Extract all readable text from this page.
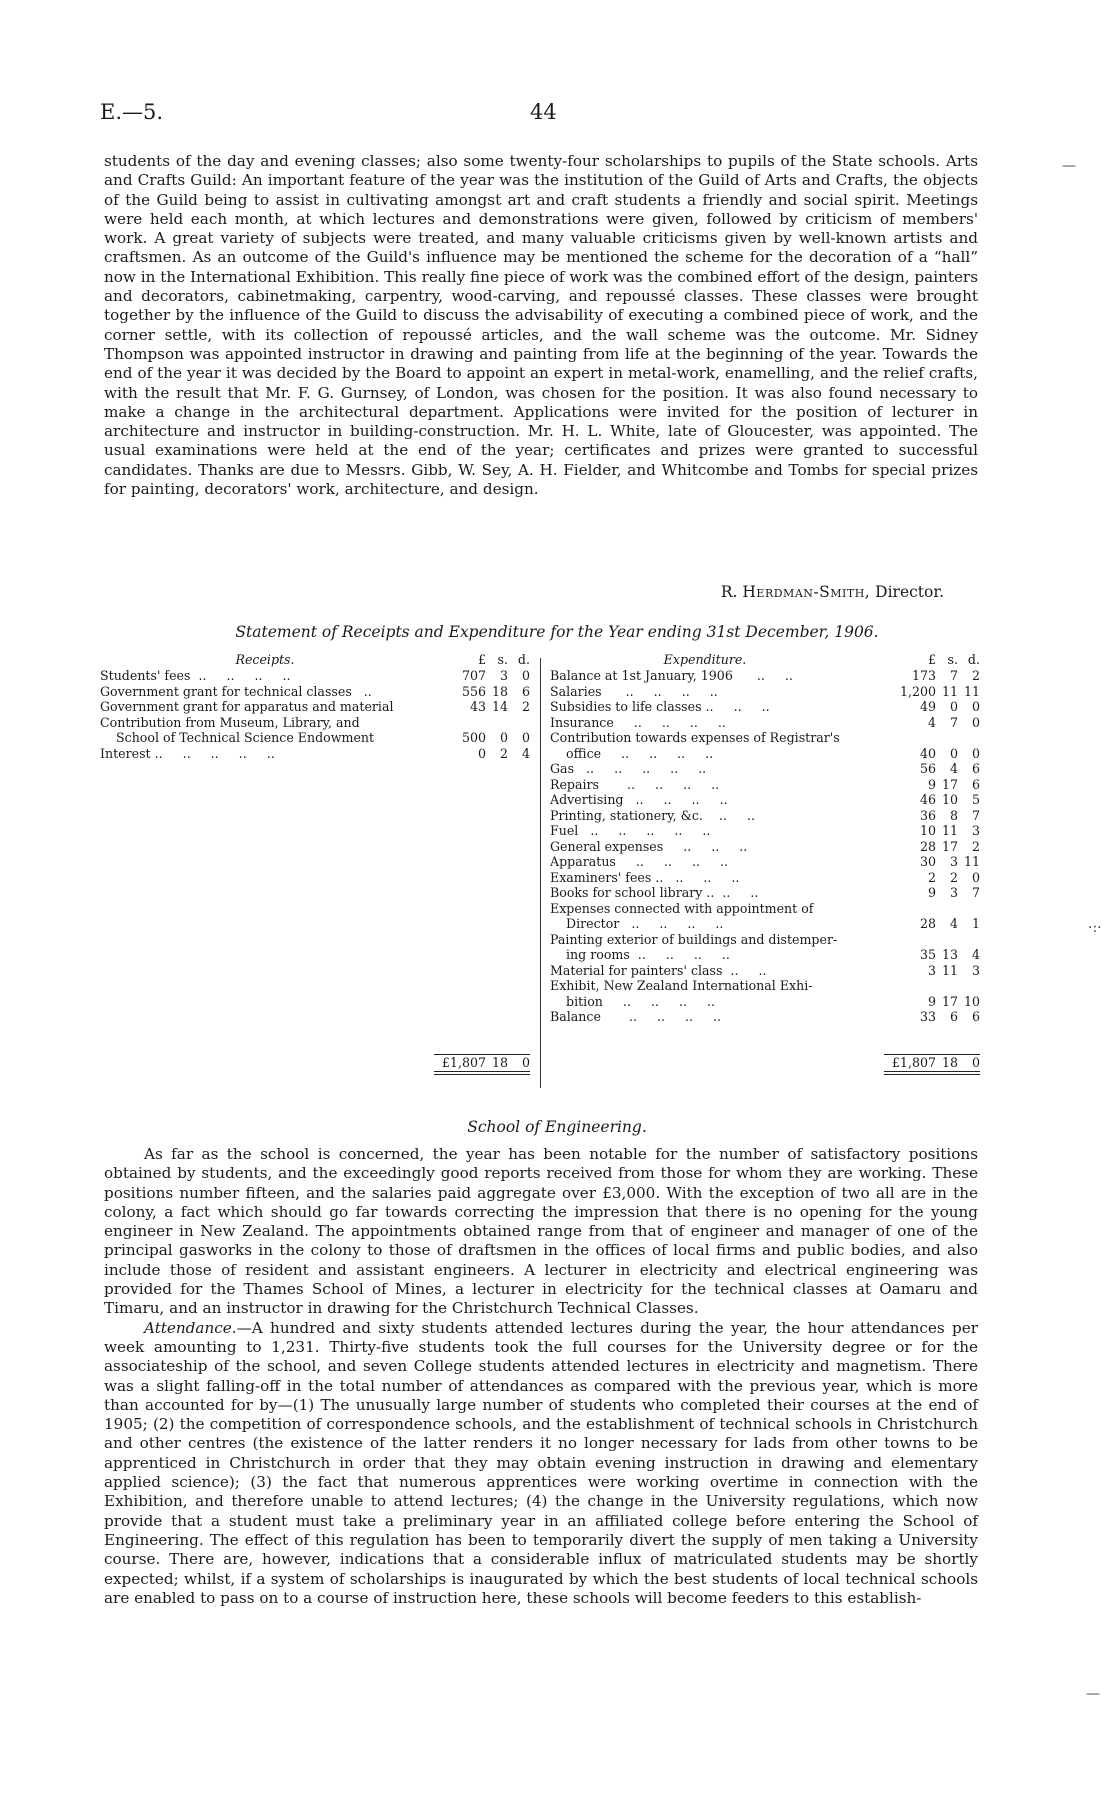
E.—5.	44

students of the day and evening classes; also some twenty-four scholarships to pupils of the State schools. Arts and Crafts Guild: An important feature of the year was the institution of the Guild of Arts and Crafts, the objects of the Guild being to assist in cultivating amongst art and craft students a friendly and social spirit. Meetings were held each month, at which lectures and demonstrations were given, followed by criticism of members' work. A great variety of subjects were treated, and many valuable criticisms given by well-known artists and craftsmen. As an outcome of the Guild's influence may be mentioned the scheme for the decoration of a “hall” now in the International Exhibition. This really fine piece of work was the combined effort of the design, painters and decorators, cabinetmaking, carpentry, wood-carving, and repoussé classes. These classes were brought together by the influence of the Guild to discuss the advisability of executing a combined piece of work, and the corner settle, with its collection of repoussé articles, and the wall scheme was the outcome. Mr. Sidney Thompson was appointed instructor in drawing and painting from life at the beginning of the year. Towards the end of the year it was decided by the Board to appoint an expert in metal-work, enamelling, and the relief crafts, with the result that Mr. F. G. Gurnsey, of London, was chosen for the position. It was also found necessary to make a change in the architectural department. Applications were invited for the position of lecturer in architecture and instructor in building-construction. Mr. H. L. White, late of Gloucester, was appointed. The usual examinations were held at the end of the year; certificates and prizes were granted to successful candidates. Thanks are due to Messrs. Gibb, W. Sey, A. H. Fielder, and Whitcombe and Tombs for special prizes for painting, decorators' work, architecture, and design.

R. Herdman-Smith, Director.
Statement of Receipts and Expenditure for the Year ending 31st December, 1906.
Receipts.	£ s. d.
Students' fees  ..     ..     ..     ..	707	3	0
Government grant for technical classes   ..	556 18	6
Government grant for apparatus and material	43 14	2
Contribution from Museum, Library, and
School of Technical Science Endowment	500	0	0
Interest ..     ..     ..     ..     ..	0	2	4
£1,807 18	0
Expenditure.	£ s. d.
Balance at 1st January, 1906      ..     ..	173	7	2
Salaries      ..     ..     ..     ..	1,200 11 11
Subsidies to life classes ..     ..     ..	49	0	0
Insurance     ..     ..     ..     ..	4	7	0
Contribution towards expenses of Registrar's
office     ..     ..     ..     ..	40	0	0
Gas   ..     ..     ..     ..     ..	56	4	6
Repairs       ..     ..     ..     ..	9 17	6
Advertising   ..     ..     ..     ..	46 10	5
Printing, stationery, &c.    ..     ..	36	8	7
Fuel   ..     ..     ..     ..     ..	10 11	3
General expenses     ..     ..     ..	28 17	2
Apparatus     ..     ..     ..     ..	30	3 11
Examiners' fees ..   ..     ..     ..	2	2	0
Books for school library ..  ..     ..	9	3	7
Expenses connected with appointment of
Director   ..     ..     ..     ..	28	4	1
Painting exterior of buildings and distemper-
ing rooms  ..     ..     ..     ..	35 13	4
Material for painters' class  ..     ..	3 11	3
Exhibit, New Zealand International Exhi-
bition     ..     ..     ..     ..	9 17 10
Balance       ..     ..     ..     ..	33	6	6
£1,807 18	0
School of Engineering.

As far as the school is concerned, the year has been notable for the number of satisfactory positions obtained by students, and the exceedingly good reports received from those for whom they are working. These positions number fifteen, and the salaries paid aggregate over £3,000. With the exception of two all are in the colony, a fact which should go far towards correcting the impression that there is no opening for the young engineer in New Zealand. The appointments obtained range from that of engineer and manager of one of the principal gasworks in the colony to those of draftsmen in the offices of local firms and public bodies, and also include those of resident and assistant engineers. A lecturer in electricity and electrical engineering was provided for the Thames School of Mines, a lecturer in electricity for the technical classes at Oamaru and Timaru, and an instructor in drawing for the Christchurch Technical Classes.

Attendance.—A hundred and sixty students attended lectures during the year, the hour attendances per week amounting to 1,231. Thirty-five students took the full courses for the University degree or for the associateship of the school, and seven College students attended lectures in electricity and magnetism. There was a slight falling-off in the total number of attendances as compared with the previous year, which is more than accounted for by—(1) The unusually large number of students who completed their courses at the end of 1905; (2) the competition of correspondence schools, and the establishment of technical schools in Christchurch and other centres (the existence of the latter renders it no longer necessary for lads from other towns to be apprenticed in Christchurch in order that they may obtain evening instruction in drawing and elementary applied science); (3) the fact that numerous apprentices were working overtime in connection with the Exhibition, and therefore unable to attend lectures; (4) the change in the University regulations, which now provide that a student must take a preliminary year in an affiliated college before entering the School of Engineering. The effect of this regulation has been to temporarily divert the supply of men taking a University course. There are, however, indications that a considerable influx of matriculated students may be shortly expected; whilst, if a system of scholarships is inaugurated by which the best students of local technical schools are enabled to pass on to a course of instruction here, these schools will become feeders to this establish-

—
·:·
—
